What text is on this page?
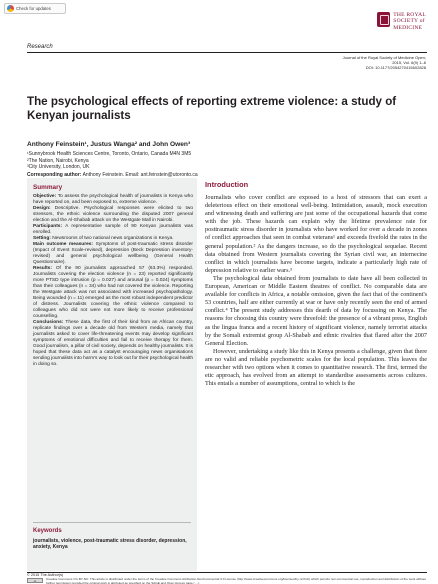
Check for updates
THE ROYAL
SOCIETY of
MEDICINE
Research
Journal of the Royal Society of Medicine Open;
2015, Vol. 6(9) 1–6
DOI: 10.1177/2054270415602828
The psychological effects of reporting extreme violence: a study of Kenyan journalists
Anthony Feinstein¹, Justus Wanga² and John Owen³
¹Sunnybrook Health Sciences Centre, Toronto, Ontario, Canada M4N 3M5
²The Nation, Nairobi, Kenya
³City University, London, UK
Corresponding author: Anthony Feinstein. Email: ant.feinstein@utoronto.ca
Summary

Objective: To assess the psychological health of journalists in Kenya who have reported on, and been exposed to, extreme violence.

Design: Descriptive. Psychological responses were elicited to two stressors, the ethnic violence surrounding the disputed 2007 general election and the Al-Shabab attack on the Westgate Mall in Nairobi.

Participants: A representative sample of 90 Kenyan journalists was enrolled.

Setting: Newsrooms of two national news organizations in Kenya.

Main outcome measures: Symptoms of post-traumatic stress disorder (Impact of Event Scale-revised), depression (Beck Depression inventory-revised) and general psychological wellbeing (General Health Questionnaire).

Results: Of the 90 journalists approached 57 (63.3%) responded. Journalists covering the election violence (n = 23) reported significantly more PTSD type intrusion (p = 0.027) and arousal (p = 0.024) symptoms than their colleagues (n = 34) who had not covered the violence. Reporting the Westgate attack was not associated with increased psychopathology. Being wounded (n = 11) emerged as the most robust independent predictor of distress. Journalists covering the ethnic violence compared to colleagues who did not were not more likely to receive professional counselling.

Conclusions: These data, the first of their kind from an African country, replicate findings over a decade old from Western media, namely that journalists asked to cover life-threatening events may develop significant symptoms of emotional difficulties and fail to receive therapy for them. Good journalism, a pillar of civil society, depends on healthy journalists. It is hoped that these data act as a catalyst encouraging news organisations sending journalists into harm's way to look out for their psychological health in doing so.

Keywords
journalists, violence, post-traumatic stress disorder, depression, anxiety, Kenya
Introduction

Journalists who cover conflict are exposed to a host of stressors that can exert a deleterious effect on their emotional well-being. Intimidation, assault, mock execution and witnessing death and suffering are just some of the occupational hazards that come with the job. These hazards can explain why the lifetime prevalence rate for posttraumatic stress disorder in journalists who have worked for over a decade in zones of conflict approaches that seen in combat veterans¹ and exceeds fivefold the rates in the general population.² As the dangers increase, so do the psychological sequelae. Recent data obtained from Western journalists covering the Syrian civil war, an internecine conflict in which journalists have become targets, indicate a particularly high rate of depression relative to earlier wars.³

The psychological data obtained from journalists to date have all been collected in European, American or Middle Eastern theatres of conflict. No comparable data are available for conflicts in Africa, a notable omission, given the fact that of the continent's 53 countries, half are either currently at war or have only recently seen the end of armed conflict.⁴ The present study addresses this dearth of data by focussing on Kenya. The reasons for choosing this country were threefold: the presence of a vibrant press, English as the lingua franca and a recent history of significant violence, namely terrorist attacks by the Somali extremist group Al-Shabab and ethnic rivalries that flared after the 2007 General Election.

However, undertaking a study like this in Kenya presents a challenge, given that there are no valid and reliable psychometric scales for the local population. This leaves the researcher with two options when it comes to quantitative research. The first, termed the etic approach, has evolved from an attempt to standardise assessments across cultures. This entails a number of assumptions, central to which is the

© 2015 The Author(s)
cc
Creative Commons CC-BY-NC: This article is distributed under the terms of the Creative Commons Attribution-NonCommercial 3.0 License (http://www.creativecommons.org/licenses/by-nc/3.0/) which permits non-commercial use, reproduction and distribution of the work without further permission provided the original work is attributed as specified on the SAGE and Open Access page (…).
